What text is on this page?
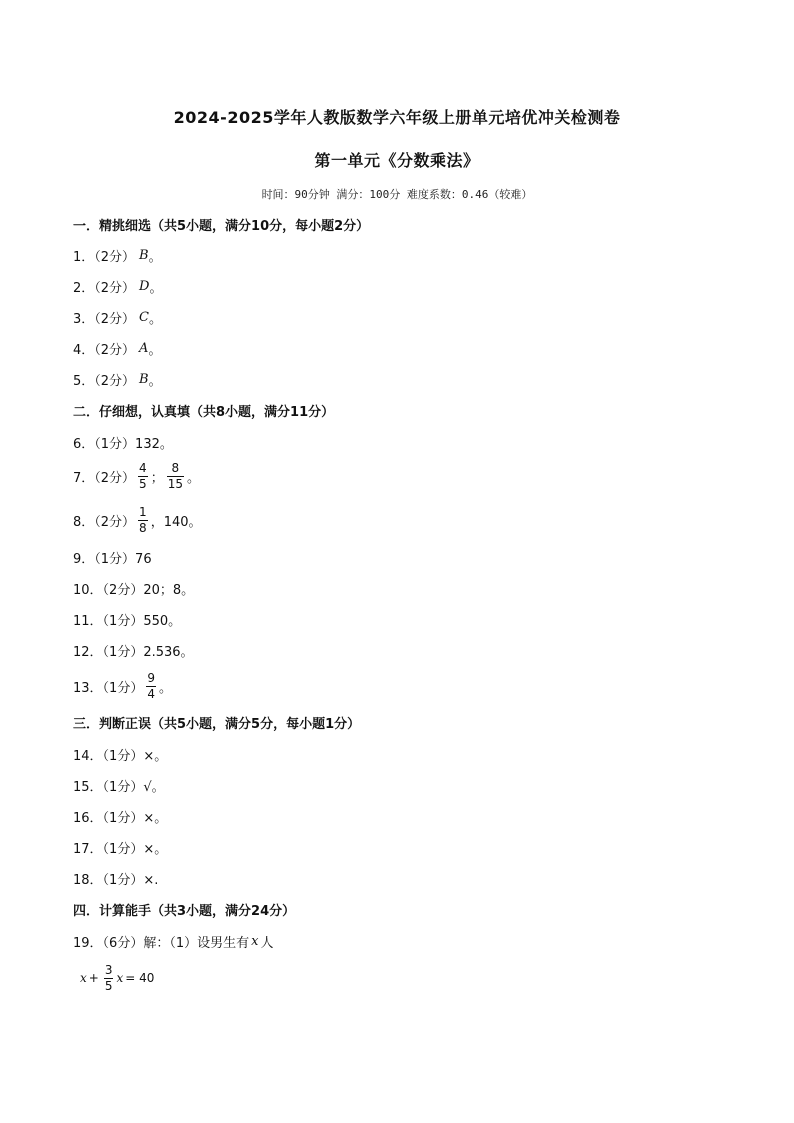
2024-2025学年人教版数学六年级上册单元培优冲关检测卷
第一单元《分数乘法》
时间：90分钟 满分：100分 难度系数：0.46（较难）
一．精挑细选（共5小题，满分10分，每小题2分）
1．（2分） B 。
2．（2分） D 。
3．（2分） C 。
4．（2分） A 。
5．（2分） B 。
二．仔细想，认真填（共8小题，满分11分）
6．（1分）132。
7．（2分） $\frac{4}{5}$ ； $\frac{8}{15}$ 。
8．（2分） $\frac{1}{8}$ ，140。
9．（1分）76
10．（2分）20；8。
11．（1分）550。
12．（1分）2.536。
13．（1分） $\frac{9}{4}$ 。
三．判断正误（共5小题，满分5分，每小题1分）
14．（1分）×。
15．（1分）√。
16．（1分）×。
17．（1分）×。
18．（1分）×.
四．计算能手（共3小题，满分24分）
19．（6分）解：（1）设男生有 x 人
$x + \frac{3}{5}$ x = 40
